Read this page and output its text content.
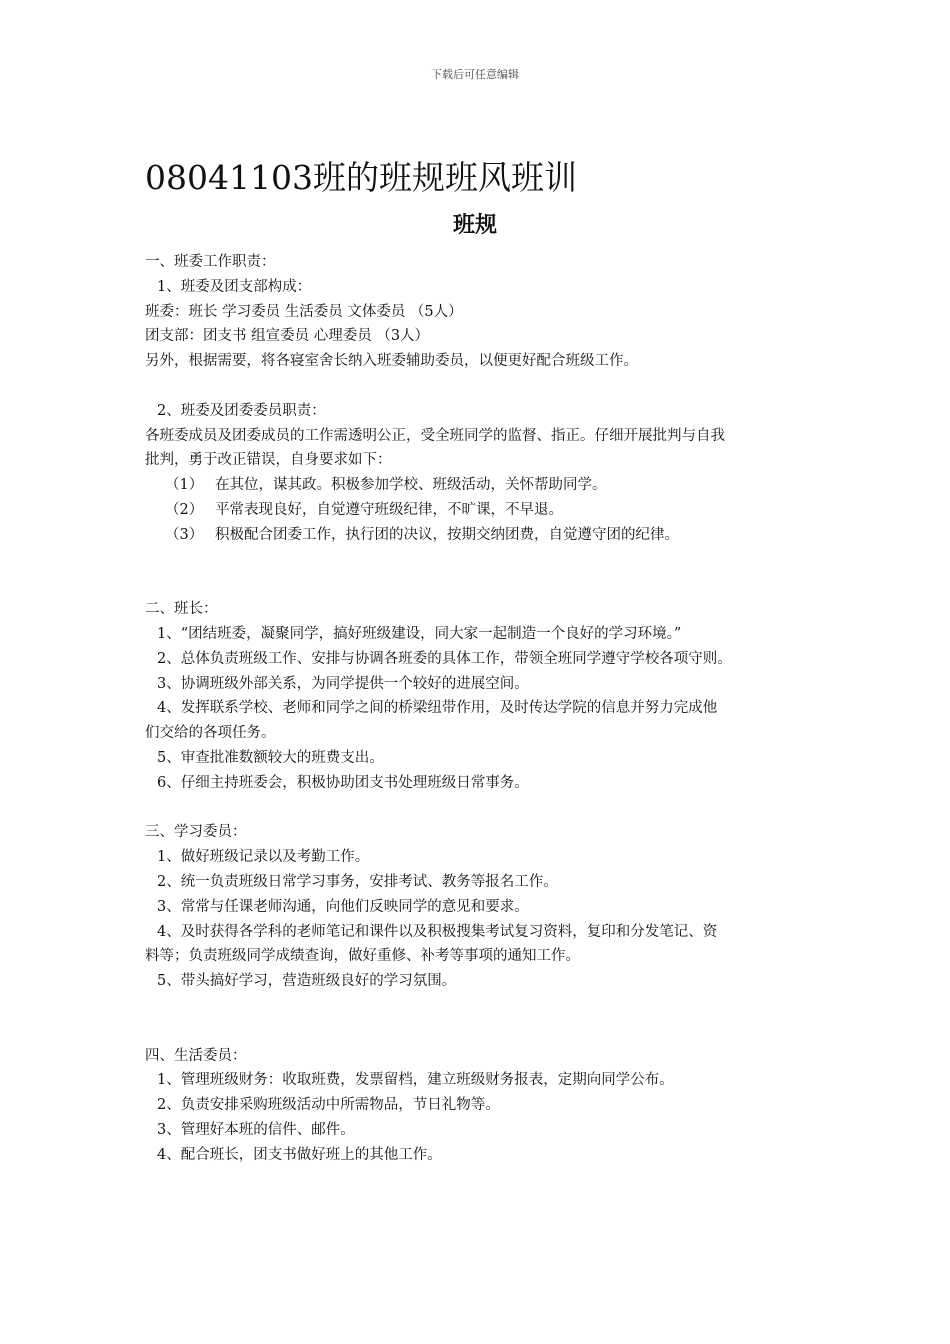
下载后可任意编辑
08041103班的班规班风班训
班规
一、班委工作职责：
1、班委及团支部构成：
班委：班长 学习委员 生活委员 文体委员 （5人）
团支部：团支书 组宣委员 心理委员 （3人）
另外，根据需要，将各寝室舍长纳入班委辅助委员，以便更好配合班级工作。
2、班委及团委委员职责：
各班委成员及团委成员的工作需透明公正，受全班同学的监督、指正。仔细开展批判与自我
批判，勇于改正错误，自身要求如下：
（1） 在其位，谋其政。积极参加学校、班级活动，关怀帮助同学。
（2） 平常表现良好，自觉遵守班级纪律，不旷课，不早退。
（3） 积极配合团委工作，执行团的决议，按期交纳团费，自觉遵守团的纪律。
二、班长：
1、“团结班委，凝聚同学，搞好班级建设，同大家一起制造一个良好的学习环境。”
2、总体负责班级工作、安排与协调各班委的具体工作，带领全班同学遵守学校各项守则。
3、协调班级外部关系，为同学提供一个较好的进展空间。
4、发挥联系学校、老师和同学之间的桥梁纽带作用，及时传达学院的信息并努力完成他
们交给的各项任务。
5、审查批准数额较大的班费支出。
6、仔细主持班委会，积极协助团支书处理班级日常事务。
三、学习委员：
1、做好班级记录以及考勤工作。
2、统一负责班级日常学习事务，安排考试、教务等报名工作。
3、常常与任课老师沟通，向他们反映同学的意见和要求。
4、及时获得各学科的老师笔记和课件以及积极搜集考试复习资料，复印和分发笔记、资
料等；负责班级同学成绩查询，做好重修、补考等事项的通知工作。
5、带头搞好学习，营造班级良好的学习氛围。
四、生活委员：
1、管理班级财务：收取班费，发票留档，建立班级财务报表，定期向同学公布。
2、负责安排采购班级活动中所需物品，节日礼物等。
3、管理好本班的信件、邮件。
4、配合班长，团支书做好班上的其他工作。
